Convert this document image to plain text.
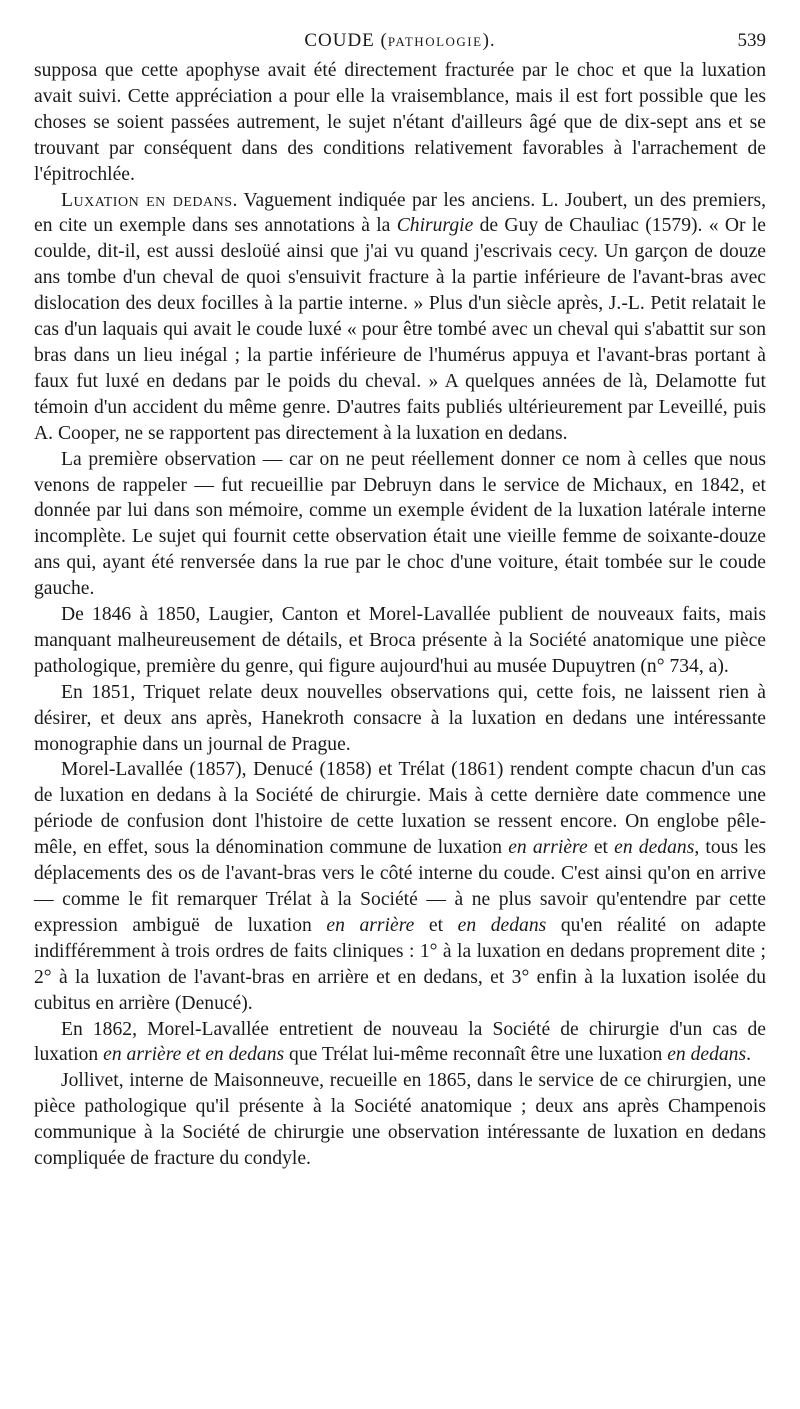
COUDE (PATHOLOGIE).	539

supposa que cette apophyse avait été directement fracturée par le choc et que la luxation avait suivi. Cette appréciation a pour elle la vraisemblance, mais il est fort possible que les choses se soient passées autrement, le sujet n'étant d'ailleurs âgé que de dix-sept ans et se trouvant par conséquent dans des conditions relativement favorables à l'arrachement de l'épitrochlée.

Luxation en dedans. Vaguement indiquée par les anciens. L. Joubert, un des premiers, en cite un exemple dans ses annotations à la Chirurgie de Guy de Chauliac (1579). « Or le coulde, dit-il, est aussi desloüé ainsi que j'ai vu quand j'escrivais cecy. Un garçon de douze ans tombe d'un cheval de quoi s'ensuivit fracture à la partie inférieure de l'avant-bras avec dislocation des deux focilles à la partie interne. » Plus d'un siècle après, J.-L. Petit relatait le cas d'un laquais qui avait le coude luxé « pour être tombé avec un cheval qui s'abattit sur son bras dans un lieu inégal ; la partie inférieure de l'humérus appuya et l'avant-bras portant à faux fut luxé en dedans par le poids du cheval. » A quelques années de là, Delamotte fut témoin d'un accident du même genre. D'autres faits publiés ultérieurement par Leveillé, puis A. Cooper, ne se rapportent pas directement à la luxation en dedans.

La première observation — car on ne peut réellement donner ce nom à celles que nous venons de rappeler — fut recueillie par Debruyn dans le service de Michaux, en 1842, et donnée par lui dans son mémoire, comme un exemple évident de la luxation latérale interne incomplète. Le sujet qui fournit cette observation était une vieille femme de soixante-douze ans qui, ayant été renversée dans la rue par le choc d'une voiture, était tombée sur le coude gauche.

De 1846 à 1850, Laugier, Canton et Morel-Lavallée publient de nouveaux faits, mais manquant malheureusement de détails, et Broca présente à la Société anatomique une pièce pathologique, première du genre, qui figure aujourd'hui au musée Dupuytren (n° 734, a).

En 1851, Triquet relate deux nouvelles observations qui, cette fois, ne laissent rien à désirer, et deux ans après, Hanekroth consacre à la luxation en dedans une intéressante monographie dans un journal de Prague.

Morel-Lavallée (1857), Denucé (1858) et Trélat (1861) rendent compte chacun d'un cas de luxation en dedans à la Société de chirurgie. Mais à cette dernière date commence une période de confusion dont l'histoire de cette luxation se ressent encore. On englobe pêle-mêle, en effet, sous la dénomination commune de luxation en arrière et en dedans, tous les déplacements des os de l'avant-bras vers le côté interne du coude. C'est ainsi qu'on en arrive — comme le fit remarquer Trélat à la Société — à ne plus savoir qu'entendre par cette expression ambiguë de luxation en arrière et en dedans qu'en réalité on adapte indifféremment à trois ordres de faits cliniques : 1° à la luxation en dedans proprement dite ; 2° à la luxation de l'avant-bras en arrière et en dedans, et 3° enfin à la luxation isolée du cubitus en arrière (Denucé).

En 1862, Morel-Lavallée entretient de nouveau la Société de chirurgie d'un cas de luxation en arrière et en dedans que Trélat lui-même reconnaît être une luxation en dedans.

Jollivet, interne de Maisonneuve, recueille en 1865, dans le service de ce chirurgien, une pièce pathologique qu'il présente à la Société anatomique ; deux ans après Champenois communique à la Société de chirurgie une observation intéressante de luxation en dedans compliquée de fracture du condyle.
